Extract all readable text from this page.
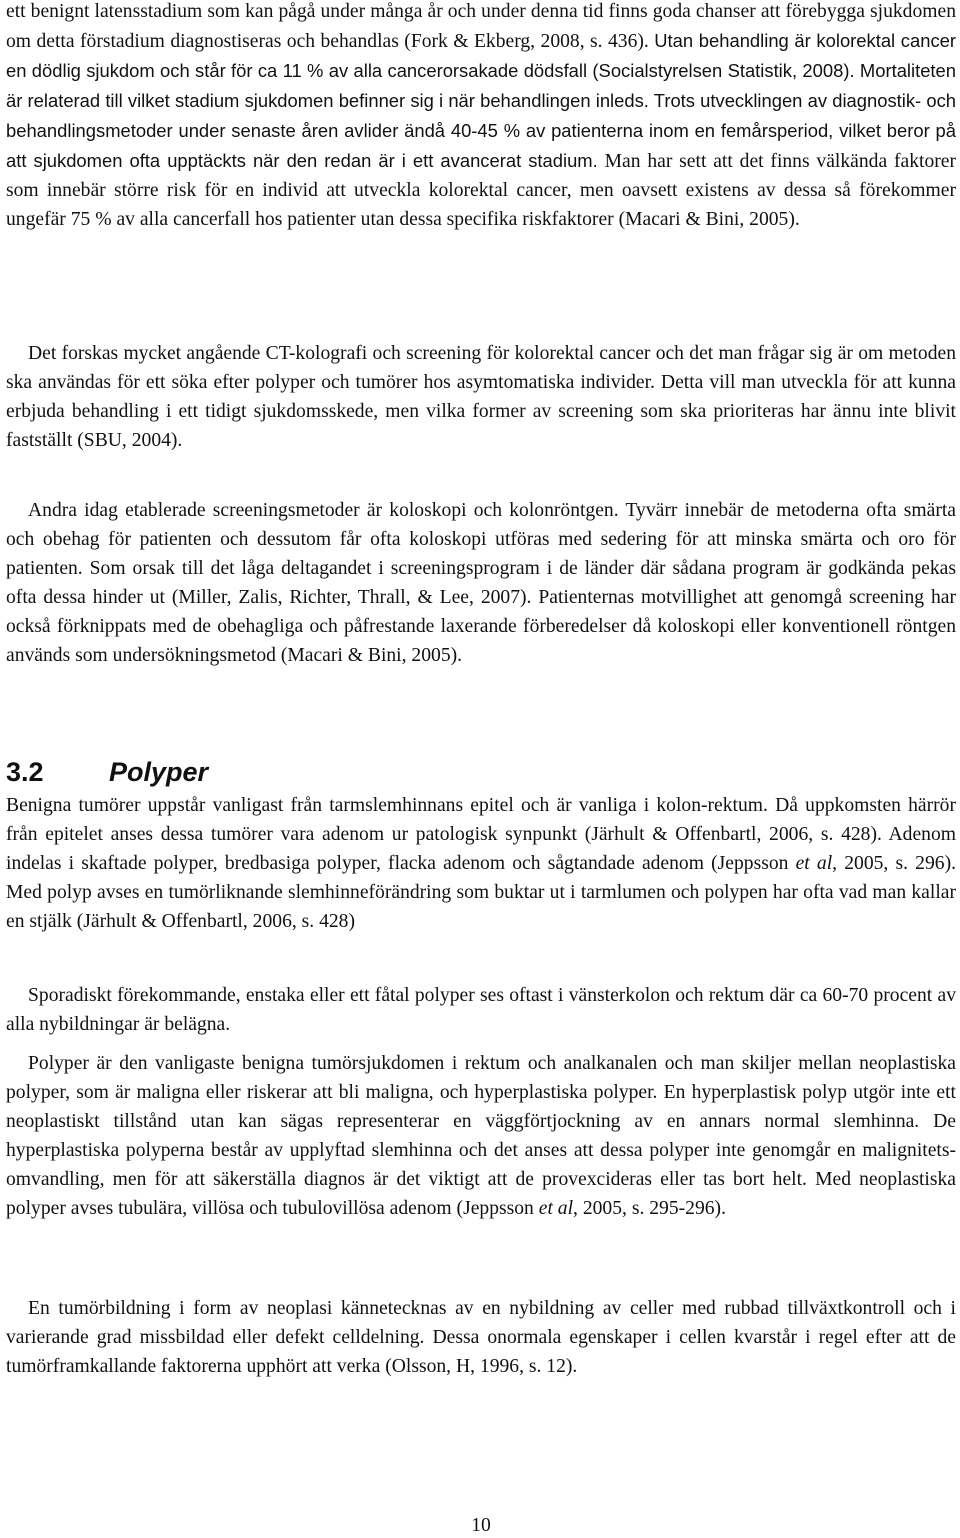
ett benignt latensstadium som kan pågå under många år och under denna tid finns goda chanser att förebygga sjukdomen om detta förstadium diagnostiseras och behandlas (Fork & Ekberg, 2008, s. 436). Utan behandling är kolorektal cancer en dödlig sjukdom och står för ca 11 % av alla cancerorsakade dödsfall (Socialstyrelsen Statistik, 2008). Mortaliteten är relaterad till vilket stadium sjukdomen befinner sig i när behandlingen inleds. Trots utvecklingen av diagnostik- och behandlingsmetoder under senaste åren avlider ändå 40-45 % av patienterna inom en femårsperiod, vilket beror på att sjukdomen ofta upptäckts när den redan är i ett avancerat stadium. Man har sett att det finns välkända faktorer som innebär större risk för en individ att utveckla kolorektal cancer, men oavsett existens av dessa så förekommer ungefär 75 % av alla cancerfall hos patienter utan dessa specifika riskfaktorer (Macari & Bini, 2005).

Det forskas mycket angående CT-kolografi och screening för kolorektal cancer och det man frågar sig är om metoden ska användas för ett söka efter polyper och tumörer hos asymtomatiska individer. Detta vill man utveckla för att kunna erbjuda behandling i ett tidigt sjukdomsskede, men vilka former av screening som ska prioriteras har ännu inte blivit fastställt (SBU, 2004).

Andra idag etablerade screeningsmetoder är koloskopi och kolonröntgen. Tyvärr innebär de metoderna ofta smärta och obehag för patienten och dessutom får ofta koloskopi utföras med sedering för att minska smärta och oro för patienten. Som orsak till det låga deltagandet i screeningsprogram i de länder där sådana program är godkända pekas ofta dessa hinder ut (Miller, Zalis, Richter, Thrall, & Lee, 2007). Patienternas motvillighet att genomgå screening har också förknippats med de obehagliga och påfrestande laxerande förberedelser då koloskopi eller konventionell röntgen används som undersökningsmetod (Macari & Bini, 2005).

3.2 Polyper

Benigna tumörer uppstår vanligast från tarmslemhinnans epitel och är vanliga i kolon-rektum. Då uppkomsten härrör från epitelet anses dessa tumörer vara adenom ur patologisk synpunkt (Järhult & Offenbartl, 2006, s. 428). Adenom indelas i skaftade polyper, bredbasiga polyper, flacka adenom och sågtandade adenom (Jeppsson et al, 2005, s. 296). Med polyp avses en tumörliknande slemhinneförändring som buktar ut i tarmlumen och polypen har ofta vad man kallar en stjälk (Järhult & Offenbartl, 2006, s. 428)

Sporadiskt förekommande, enstaka eller ett fåtal polyper ses oftast i vänsterkolon och rektum där ca 60-70 procent av alla nybildningar är belägna.

Polyper är den vanligaste benigna tumörsjukdomen i rektum och analkanalen och man skiljer mellan neoplastiska polyper, som är maligna eller riskerar att bli maligna, och hyperplastiska polyper. En hyperplastisk polyp utgör inte ett neoplastiskt tillstånd utan kan sägas representerar en väggförtjockning av en annars normal slemhinna. De hyperplastiska polyperna består av upplyftad slemhinna och det anses att dessa polyper inte genomgår en malignitets-omvandling, men för att säkerställa diagnos är det viktigt att de provexcideras eller tas bort helt. Med neoplastiska polyper avses tubulära, villösa och tubulovillösa adenom (Jeppsson et al, 2005, s. 295-296).

En tumörbildning i form av neoplasi kännetecknas av en nybildning av celler med rubbad tillväxtkontroll och i varierande grad missbildad eller defekt celldelning. Dessa onormala egenskaper i cellen kvarstår i regel efter att de tumörframkallande faktorerna upphört att verka (Olsson, H, 1996, s. 12).

10
